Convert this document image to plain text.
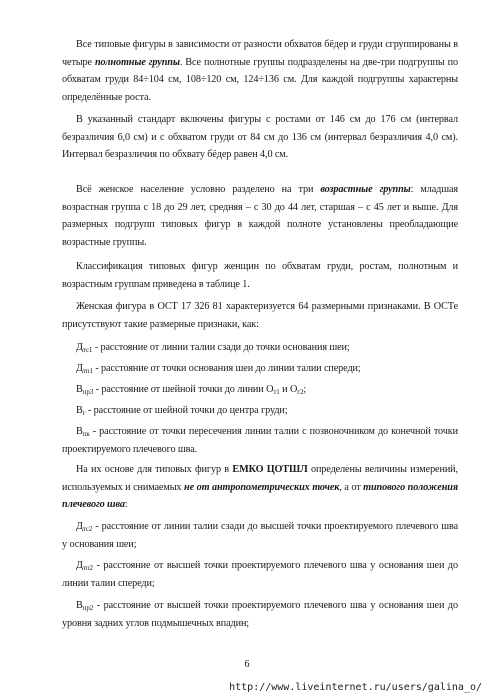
Все типовые фигуры в зависимости от разности обхватов бёдер и груди сгруппированы в четыре полнотные группы. Все полнотные группы подразделены на две-три подгруппы по обхватам груди 84÷104 см, 108÷120 см, 124÷136 см. Для каждой подгруппы характерны определённые роста.

В указанный стандарт включены фигуры с ростами от 146 см до 176 см (интервал безразличия 6,0 см) и с обхватом груди от 84 см до 136 см (интервал безразличия 4,0 см). Интервал безразличия по обхвату бёдер равен 4,0 см.

Всё женское население условно разделено на три возрастные группы: младшая возрастная группа с 18 до 29 лет, средняя – с 30 до 44 лет, старшая – с 45 лет и выше. Для размерных подгрупп типовых фигур в каждой полноте установлены преобладающие возрастные группы.

Классификация типовых фигур женщин по обхватам груди, ростам, полнотным и возрастным группам приведена в таблице 1.

Женская фигура в ОСТ 17 326 81 характеризуется 64 размерными признаками. В ОСТе присутствуют такие размерные признаки, как:

$Д_{тс1}$ - расстояние от линии талии сзади до точки основания шеи;

$Д_{тп1}$ - расстояние от точки основания шеи до линии талии спереди;

$В_{пр3}$ - расстояние от шейной точки до линии $О_{т1}$ и $О_{г2}$;

$В_г$ - расстояние от шейной точки до центра груди;

$В_{пк}$ - расстояние от точки пересечения линии талии с позвоночником до конечной точки проектируемого плечевого шва.

На их основе для типовых фигур в ЕМКО ЦОТШЛ определены величины измерений, используемых и снимаемых не от антропометрических точек, а от типового положения плечевого шва:

$Д_{тс2}$ - расстояние от линии талии сзади до высшей точки проектируемого плечевого шва у основания шеи;

$Д_{тп2}$ - расстояние от высшей точки проектируемого плечевого шва у основания шеи до линии талии спереди;

$В_{пр2}$ - расстояние от высшей точки проектируемого плечевого шва у основания шеи до уровня задних углов подмышечных впадин;

6
http://www.liveinternet.ru/users/galina_o/
